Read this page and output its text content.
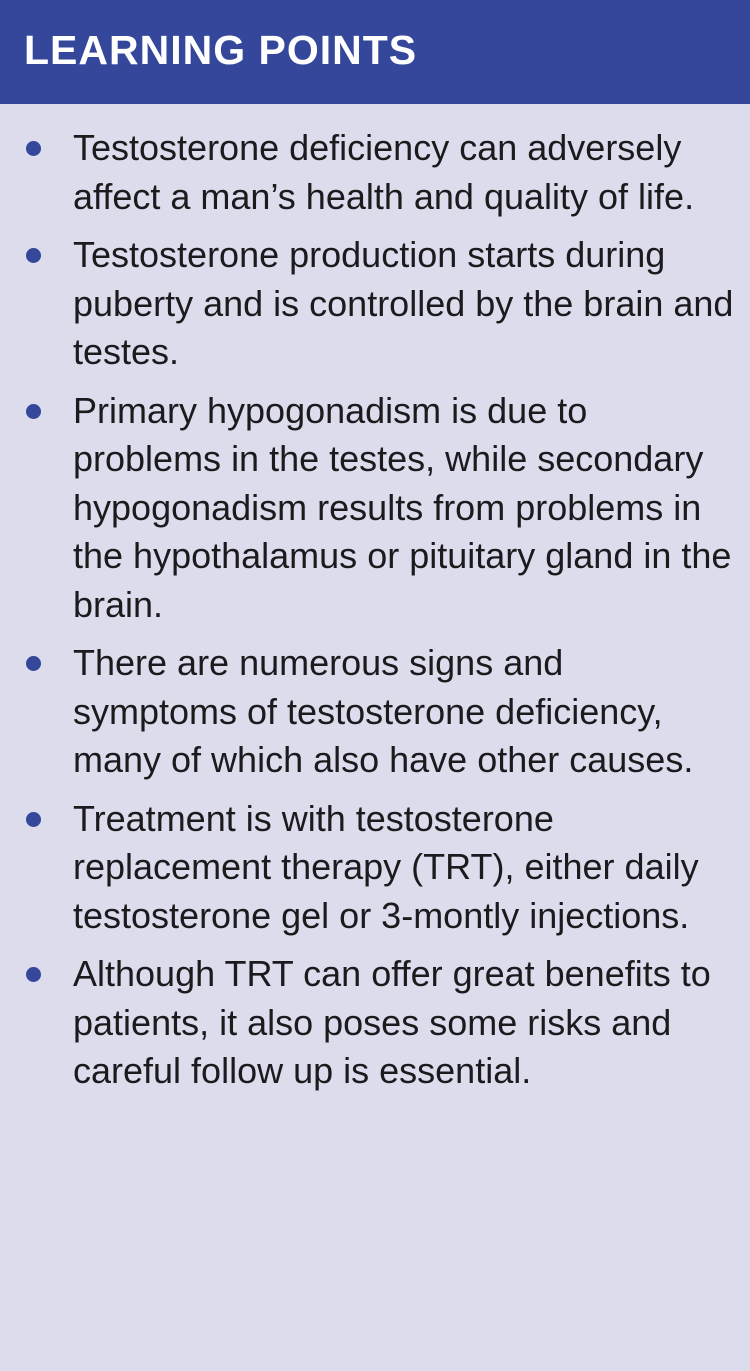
LEARNING POINTS
Testosterone deficiency can adversely affect a man’s health and quality of life.
Testosterone production starts during puberty and is controlled by the brain and testes.
Primary hypogonadism is due to problems in the testes, while secondary hypogonadism results from problems in the hypothalamus or pituitary gland in the brain.
There are numerous signs and symptoms of testosterone deficiency, many of which also have other causes.
Treatment is with testosterone replacement therapy (TRT), either daily testosterone gel or 3-montly injections.
Although TRT can offer great benefits to patients, it also poses some risks and careful follow up is essential.
